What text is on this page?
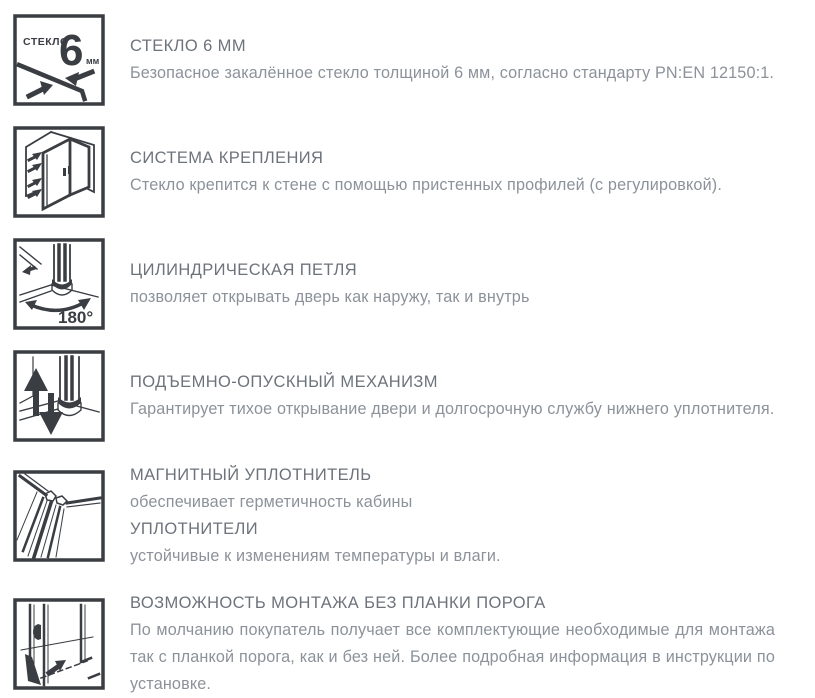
СТЕКЛО
6 мм
СТЕКЛО 6 ММ

Безопасное закалённое стекло толщиной 6 мм, согласно стандарту PN:EN 12150:1.

СИСТЕМА КРЕПЛЕНИЯ

Стекло крепится к стене с помощью пристенных профилей (с регулировкой).

180°
ЦИЛИНДРИЧЕСКАЯ ПЕТЛЯ

позволяет открывать дверь как наружу, так и внутрь

ПОДЪЕМНО-ОПУСКНЫЙ МЕХАНИЗМ

Гарантирует тихое открывание двери и долгосрочную службу нижнего уплотнителя.

МАГНИТНЫЙ УПЛОТНИТЕЛЬ

обеспечивает герметичность кабины

УПЛОТНИТЕЛИ

устойчивые к изменениям температуры и влаги.

ВОЗМОЖНОСТЬ МОНТАЖА БЕЗ ПЛАНКИ ПОРОГА

По молчанию покупатель получает все комплектующие необходимые для монтажа так с планкой порога, как и без ней. Более подробная информация в инструкции по установке.
